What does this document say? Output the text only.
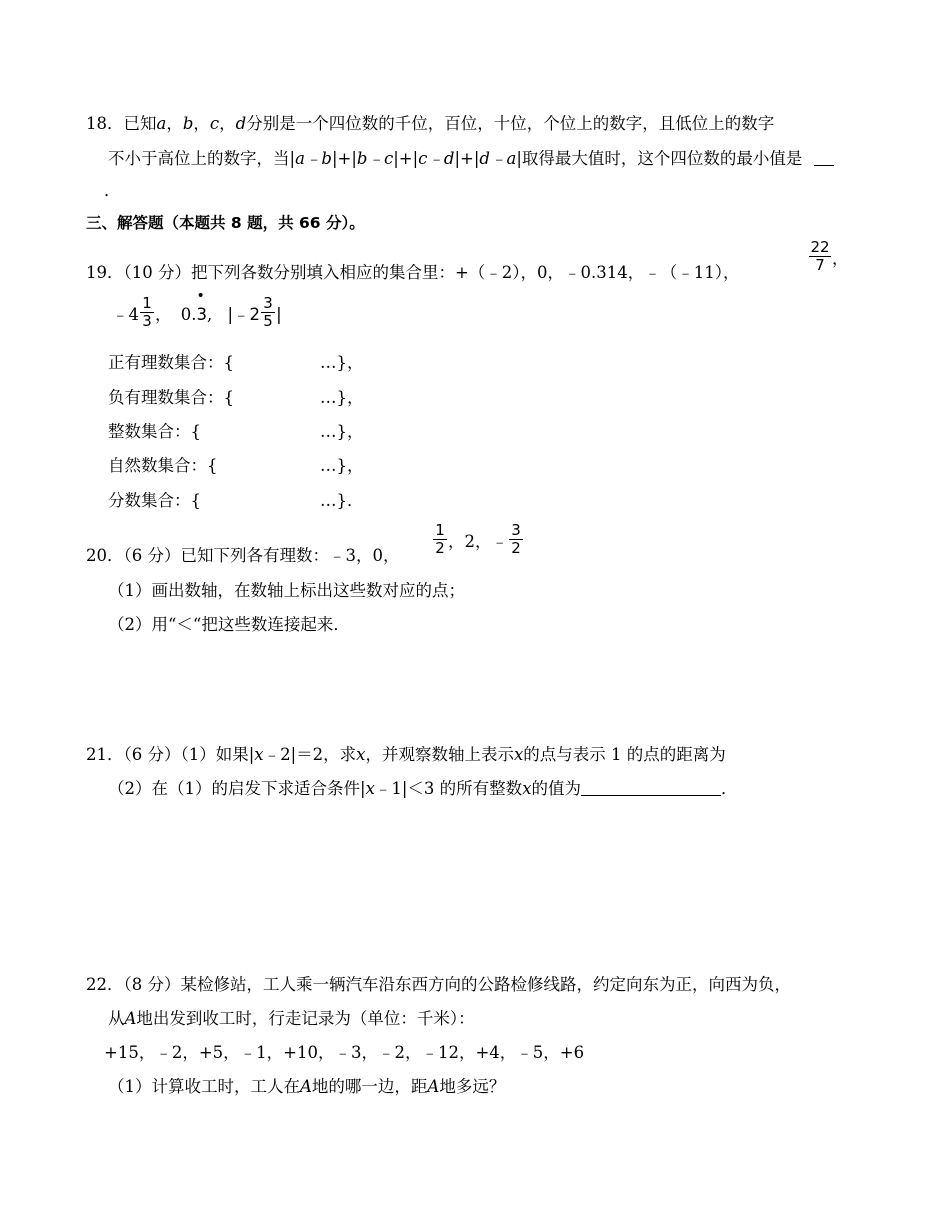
18．已知a，b，c，d分别是一个四位数的千位，百位，十位，个位上的数字，且低位上的数字
不小于高位上的数字，当|a﹣b|+|b﹣c|+|c﹣d|+|d﹣a|取得最大值时，这个四位数的最小值是
．
三、解答题（本题共 8 题，共 66 分）。
19．（10 分）把下列各数分别填入相应的集合里：+（﹣2），0，﹣0.314，﹣（﹣11），	$\frac{22}{7}$ ，
﹣4 $\frac{1}{3}$ ， 0.
•
3, |﹣2 $\frac{3}{5}$ |
正有理数集合：{	…}，
负有理数集合：{	…}，
整数集合：{	…}，
自然数集合：{	…}，
分数集合：{	…}．
20．（6 分）已知下列各有理数：﹣3，0， $\frac{1}{2}$ ，2，﹣ $\frac{3}{2}$
（1）画出数轴，在数轴上标出这些数对应的点；
（2）用“＜“把这些数连接起来．
21．（6 分）（1）如果|x﹣2|＝2，求x，并观察数轴上表示x的点与表示 1 的点的距离为
（2）在（1）的启发下求适合条件|x﹣1|＜3 的所有整数x的值为	．
22．（8 分）某检修站，工人乘一辆汽车沿东西方向的公路检修线路，约定向东为正，向西为负，
从A地出发到收工时，行走记录为（单位：千米）：
+15，﹣2，+5，﹣1，+10，﹣3，﹣2，﹣12，+4，﹣5，+6
（1）计算收工时，工人在A地的哪一边，距A地多远？
